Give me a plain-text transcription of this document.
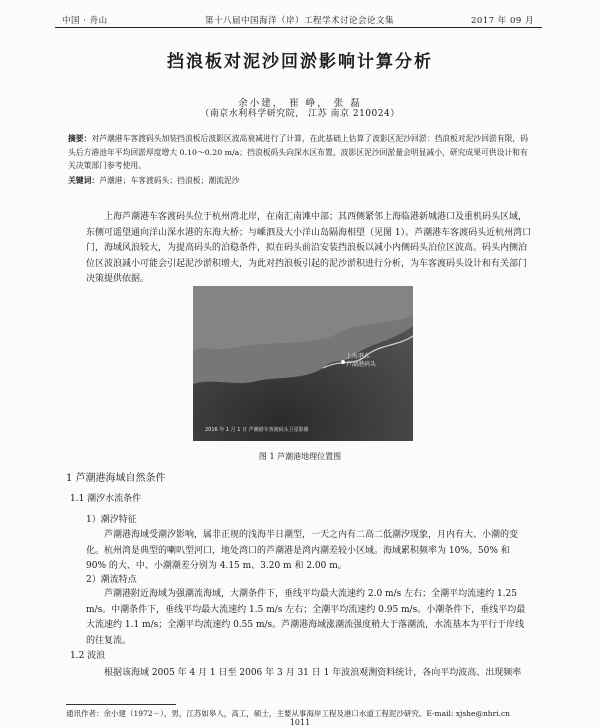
中国 · 舟山	第十八届中国海洋（岸）工程学术讨论会论文集	2017 年 09 月
挡浪板对泥沙回淤影响计算分析
余小建， 崔 峥， 张 磊
（南京水利科学研究院， 江苏 南京 210024）
摘要：对芦潮港车客渡码头加装挡浪板后波影区波高衰减进行了计算，在此基础上估算了波影区泥沙回淤：挡浪板对泥沙回淤有限，码头后方港池年平均回淤厚度增大 0.10～0.20 m/a；挡浪板码头向深水区布置，波影区泥沙回淤量会明显减小，研究成果可供设计和有关决策部门参考使用。
关键词：芦潮港；车客渡码头；挡浪板；潮流泥沙
上海芦潮港车客渡码头位于杭州湾北岸，在南汇南滩中部；其西侧紧邻上海临港新城港口及重机码头区域，东侧可遥望通向洋山深水港的东海大桥；与嵊泗及大小洋山岛隔海相望（见图 1）。芦潮港车客渡码头近杭州湾口门，海域风浪较大，为提高码头的泊稳条件，拟在码头前沿安装挡浪板以减小内侧码头泊位区波高。码头内侧泊位区波浪减小可能会引起泥沙淤积增大，为此对挡浪板引起的泥沙淤积进行分析，为车客渡码头设计和有关部门决策提供依据。
上海港东
芦潮港码头
2016 年 1 月 1 日 芦潮港车客渡码头卫星影像
图 1 芦潮港地理位置图
1 芦潮港海域自然条件
1.1 潮汐水流条件
1）潮汐特征
芦潮港海域受潮汐影响，属非正规的浅海半日潮型，一天之内有二高二低潮汐现象，月内有大、小潮的变化。杭州湾是典型的喇叭型河口，地处湾口的芦潮港是湾内潮差较小区域。海域累积频率为 10%、50% 和 90% 的大、中、小潮潮差分别为 4.15 m、3.20 m 和 2.00 m。
2）潮流特点
芦潮港附近海域为强潮流海域，大潮条件下，垂线平均最大流速约 2.0 m/s 左右；全潮平均流速约 1.25 m/s。中潮条件下，垂线平均最大流速约 1.5 m/s 左右；全潮平均流速约 0.95 m/s。小潮条件下，垂线平均最大流速约 1.1 m/s；全潮平均流速约 0.55 m/s。芦潮港海域涨潮流强度稍大于落潮流，水流基本为平行于岸线的往复流。
1.2 波浪
根据该海域 2005 年 4 月 1 日至 2006 年 3 月 31 日 1 年波浪观测资料统计，各向平均波高、出现频率
通讯作者：余小建（1972－），男，江苏如皋人，高工，硕士，主要从事海岸工程及港口水道工程泥沙研究。E-mail: xjshe@nhri.cn
1011
